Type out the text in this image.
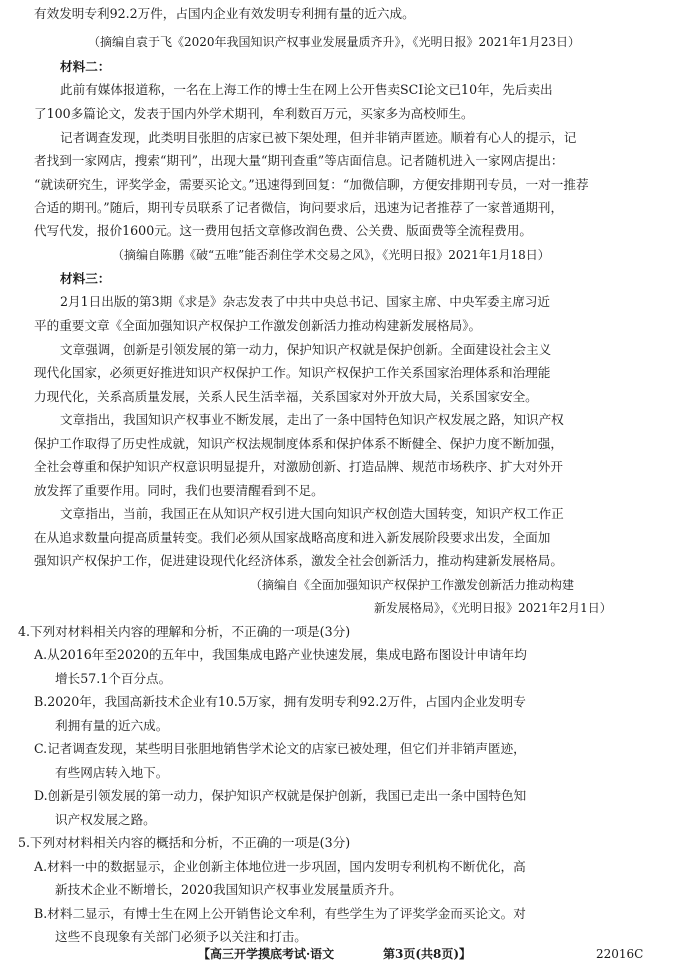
有效发明专利92.2万件，占国内企业有效发明专利拥有量的近六成。
（摘编自袁于飞《2020年我国知识产权事业发展量质齐升》，《光明日报》2021年1月23日）
材料二：
此前有媒体报道称，一名在上海工作的博士生在网上公开售卖SCI论文已10年，先后卖出
了100多篇论文，发表于国内外学术期刊，牟利数百万元，买家多为高校师生。
记者调查发现，此类明目张胆的店家已被下架处理，但并非销声匿迹。顺着有心人的提示，记
者找到一家网店，搜索“期刊”，出现大量“期刊查重”等店面信息。记者随机进入一家网店提出：
“就读研究生，评奖学金，需要买论文。”迅速得到回复：“加微信聊，方便安排期刊专员，一对一推荐
合适的期刊。”随后，期刊专员联系了记者微信，询问要求后，迅速为记者推荐了一家普通期刊，
代写代发，报价1600元。这一费用包括文章修改润色费、公关费、版面费等全流程费用。
（摘编自陈鹏《破“五唯”能否刹住学术交易之风》，《光明日报》2021年1月18日）
材料三：
2月1日出版的第3期《求是》杂志发表了中共中央总书记、国家主席、中央军委主席习近
平的重要文章《全面加强知识产权保护工作激发创新活力推动构建新发展格局》。
文章强调，创新是引领发展的第一动力，保护知识产权就是保护创新。全面建设社会主义
现代化国家，必须更好推进知识产权保护工作。知识产权保护工作关系国家治理体系和治理能
力现代化，关系高质量发展，关系人民生活幸福，关系国家对外开放大局，关系国家安全。
文章指出，我国知识产权事业不断发展，走出了一条中国特色知识产权发展之路，知识产权
保护工作取得了历史性成就，知识产权法规制度体系和保护体系不断健全、保护力度不断加强，
全社会尊重和保护知识产权意识明显提升，对激励创新、打造品牌、规范市场秩序、扩大对外开
放发挥了重要作用。同时，我们也要清醒看到不足。
文章指出，当前，我国正在从知识产权引进大国向知识产权创造大国转变，知识产权工作正
在从追求数量向提高质量转变。我们必须从国家战略高度和进入新发展阶段要求出发，全面加
强知识产权保护工作，促进建设现代化经济体系，激发全社会创新活力，推动构建新发展格局。
（摘编自《全面加强知识产权保护工作激发创新活力推动构建
新发展格局》，《光明日报》2021年2月1日）
4.下列对材料相关内容的理解和分析，不正确的一项是(3分)
A.从2016年至2020的五年中，我国集成电路产业快速发展，集成电路布图设计申请年均
增长57.1个百分点。
B.2020年，我国高新技术企业有10.5万家，拥有发明专利92.2万件，占国内企业发明专
利拥有量的近六成。
C.记者调查发现，某些明目张胆地销售学术论文的店家已被处理，但它们并非销声匿迹，
有些网店转入地下。
D.创新是引领发展的第一动力，保护知识产权就是保护创新，我国已走出一条中国特色知
识产权发展之路。
5.下列对材料相关内容的概括和分析，不正确的一项是(3分)
A.材料一中的数据显示，企业创新主体地位进一步巩固，国内发明专利机构不断优化，高
新技术企业不断增长，2020我国知识产权事业发展量质齐升。
B.材料二显示，有博士生在网上公开销售论文牟利，有些学生为了评奖学金而买论文。对
这些不良现象有关部门必须予以关注和打击。
【高三开学摸底考试·语文	第3页(共8页)】	22016C
